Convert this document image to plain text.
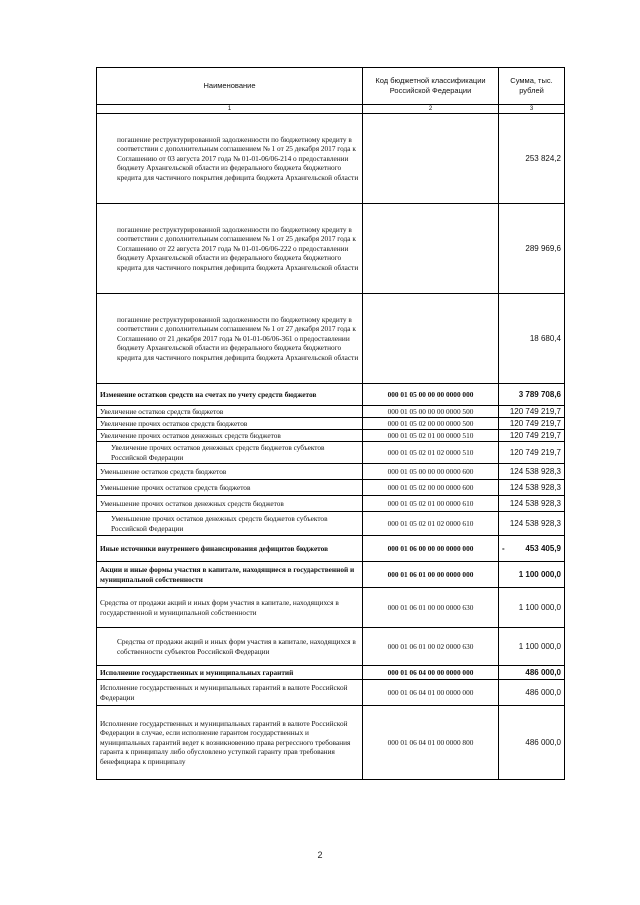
Наименование	Код бюджетной классификации Российской Федерации	Сумма, тыс. рублей
1	2	3
погашение реструктурированной задолженности по бюджетному кредиту в соответствии с дополнительным соглашением № 1 от 25 декабря 2017 года к Соглашению от 03 августа 2017 года № 01-01-06/06-214 о предоставлении бюджету Архангельской области из федерального бюджета бюджетного кредита для частичного покрытия дефицита бюджета Архангельской области		253 824,2
погашение реструктурированной задолженности по бюджетному кредиту в соответствии с дополнительным соглашением № 1 от 25 декабря 2017 года к Соглашению от 22 августа 2017 года № 01-01-06/06-222 о предоставлении бюджету Архангельской области из федерального бюджета бюджетного кредита для частичного покрытия дефицита бюджета Архангельской области		289 969,6
погашение реструктурированной задолженности по бюджетному кредиту в соответствии с дополнительным соглашением № 1 от 27 декабря 2017 года к Соглашению от 21 декабря 2017 года № 01-01-06/06-361 о предоставлении бюджету Архангельской области из федерального бюджета бюджетного кредита для частичного покрытия дефицита бюджета Архангельской области		18 680,4
Изменение остатков средств на счетах по учету средств бюджетов	000 01 05 00 00 00 0000 000	3 789 708,6
Увеличение остатков средств бюджетов	000 01 05 00 00 00 0000 500	120 749 219,7
Увеличение прочих остатков средств бюджетов	000 01 05 02 00 00 0000 500	120 749 219,7
Увеличение прочих остатков денежных средств бюджетов	000 01 05 02 01 00 0000 510	120 749 219,7
Увеличение прочих остатков денежных средств бюджетов субъектов Российской Федерации	000 01 05 02 01 02 0000 510	120 749 219,7
Уменьшение остатков средств бюджетов	000 01 05 00 00 00 0000 600	124 538 928,3
Уменьшение прочих остатков средств бюджетов	000 01 05 02 00 00 0000 600	124 538 928,3
Уменьшение прочих остатков денежных средств бюджетов	000 01 05 02 01 00 0000 610	124 538 928,3
Уменьшение прочих остатков денежных средств бюджетов субъектов Российской Федерации	000 01 05 02 01 02 0000 610	124 538 928,3
Иные источники внутреннего финансирования дефицитов бюджетов	000 01 06 00 00 00 0000 000	- 453 405,9

Акции и иные формы участия в капитале, находящиеся в государственной и муниципальной собственности	000 01 06 01 00 00 0000 000	1 100 000,0
Средства от продажи акций и иных форм участия в капитале, находящихся в государственной и муниципальной собственности	000 01 06 01 00 00 0000 630	1 100 000,0
Средства от продажи акций и иных форм участия в капитале, находящихся в собственности субъектов Российской Федерации	000 01 06 01 00 02 0000 630	1 100 000,0
Исполнение государственных и муниципальных гарантий	000 01 06 04 00 00 0000 000	486 000,0
Исполнение государственных и муниципальных гарантий в валюте Российской Федерации	000 01 06 04 01 00 0000 000	486 000,0
Исполнение государственных и муниципальных гарантий в валюте Российской Федерации в случае, если исполнение гарантом государственных и муниципальных гарантий ведет к возникновению права регрессного требования гаранта к принципалу либо обусловлено уступкой гаранту прав требования бенефициара к принципалу	000 01 06 04 01 00 0000 800	486 000,0
2
